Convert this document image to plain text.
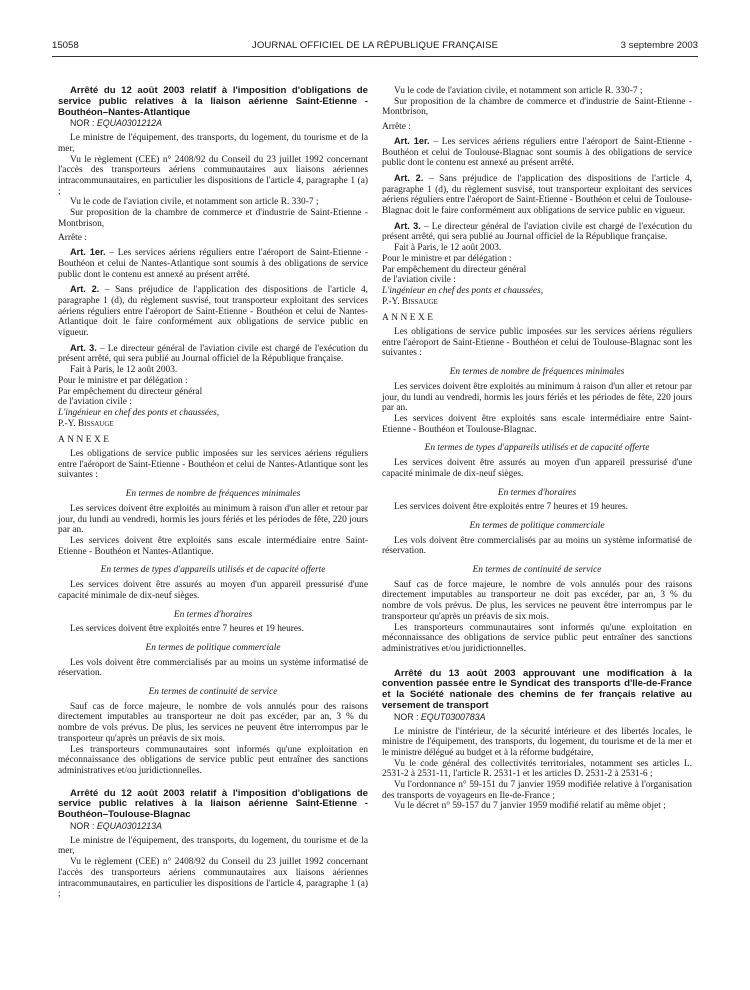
15058	JOURNAL OFFICIEL DE LA RÉPUBLIQUE FRANÇAISE	3 septembre 2003

Arrêté du 12 août 2003 relatif à l'imposition d'obligations de service public relatives à la liaison aérienne Saint-Etienne - Bouthéon–Nantes-Atlantique

NOR : EQUA0301212A

Le ministre de l'équipement, des transports, du logement, du tourisme et de la mer,

Vu le règlement (CEE) n° 2408/92 du Conseil du 23 juillet 1992 concernant l'accès des transporteurs aériens communautaires aux liaisons aériennes intracommunautaires, en particulier les dispositions de l'article 4, paragraphe 1 (a) ;

Vu le code de l'aviation civile, et notamment son article R. 330-7 ;

Sur proposition de la chambre de commerce et d'industrie de Saint-Etienne - Montbrison,

Arrête :

Art. 1er. – Les services aériens réguliers entre l'aéroport de Saint-Etienne - Bouthéon et celui de Nantes-Atlantique sont soumis à des obligations de service public dont le contenu est annexé au présent arrêté.

Art. 2. – Sans préjudice de l'application des dispositions de l'article 4, paragraphe 1 (d), du règlement susvisé, tout transporteur exploitant des services aériens réguliers entre l'aéroport de Saint-Etienne - Bouthéon et celui de Nantes-Atlantique doit le faire conformément aux obligations de service public en vigueur.

Art. 3. – Le directeur général de l'aviation civile est chargé de l'exécution du présent arrêté, qui sera publié au Journal officiel de la République française.

Fait à Paris, le 12 août 2003.

Pour le ministre et par délégation :

Par empêchement du directeur général

de l'aviation civile :

L'ingénieur en chef des ponts et chaussées,

P.-Y. Bissauge

ANNEXE

Les obligations de service public imposées sur les services aériens réguliers entre l'aéroport de Saint-Etienne - Bouthéon et celui de Nantes-Atlantique sont les suivantes :

En termes de nombre de fréquences minimales

Les services doivent être exploités au minimum à raison d'un aller et retour par jour, du lundi au vendredi, hormis les jours fériés et les périodes de fête, 220 jours par an.

Les services doivent être exploités sans escale intermédiaire entre Saint-Etienne - Bouthéon et Nantes-Atlantique.

En termes de types d'appareils utilisés et de capacité offerte

Les services doivent être assurés au moyen d'un appareil pressurisé d'une capacité minimale de dix-neuf sièges.

En termes d'horaires

Les services doivent être exploités entre 7 heures et 19 heures.

En termes de politique commerciale

Les vols doivent être commercialisés par au moins un système informatisé de réservation.

En termes de continuité de service

Sauf cas de force majeure, le nombre de vols annulés pour des raisons directement imputables au transporteur ne doit pas excéder, par an, 3 % du nombre de vols prévus. De plus, les services ne peuvent être interrompus par le transporteur qu'après un préavis de six mois.

Les transporteurs communautaires sont informés qu'une exploitation en méconnaissance des obligations de service public peut entraîner des sanctions administratives et/ou juridictionnelles.

Arrêté du 12 août 2003 relatif à l'imposition d'obligations de service public relatives à la liaison aérienne Saint-Etienne - Bouthéon–Toulouse-Blagnac

NOR : EQUA0301213A

Le ministre de l'équipement, des transports, du logement, du tourisme et de la mer,

Vu le règlement (CEE) n° 2408/92 du Conseil du 23 juillet 1992 concernant l'accès des transporteurs aériens communautaires aux liaisons aériennes intracommunautaires, en particulier les dispositions de l'article 4, paragraphe 1 (a) ;

Vu le code de l'aviation civile, et notamment son article R. 330-7 ;

Sur proposition de la chambre de commerce et d'industrie de Saint-Etienne - Montbrison,

Arrête :

Art. 1er. – Les services aériens réguliers entre l'aéroport de Saint-Etienne - Bouthéon et celui de Toulouse-Blagnac sont soumis à des obligations de service public dont le contenu est annexé au présent arrêté.

Art. 2. – Sans préjudice de l'application des dispositions de l'article 4, paragraphe 1 (d), du règlement susvisé, tout transporteur exploitant des services aériens réguliers entre l'aéroport de Saint-Etienne - Bouthéon et celui de Toulouse-Blagnac doit le faire conformément aux obligations de service public en vigueur.

Art. 3. – Le directeur général de l'aviation civile est chargé de l'exécution du présent arrêté, qui sera publié au Journal officiel de la République française.

Fait à Paris, le 12 août 2003.

Pour le ministre et par délégation :

Par empêchement du directeur général

de l'aviation civile :

L'ingénieur en chef des ponts et chaussées,

P.-Y. Bissauge

ANNEXE

Les obligations de service public imposées sur les services aériens réguliers entre l'aéroport de Saint-Etienne - Bouthéon et celui de Toulouse-Blagnac sont les suivantes :

En termes de nombre de fréquences minimales

Les services doivent être exploités au minimum à raison d'un aller et retour par jour, du lundi au vendredi, hormis les jours fériés et les périodes de fête, 220 jours par an.

Les services doivent être exploités sans escale intermédiaire entre Saint-Etienne - Bouthéon et Toulouse-Blagnac.

En termes de types d'appareils utilisés et de capacité offerte

Les services doivent être assurés au moyen d'un appareil pressurisé d'une capacité minimale de dix-neuf sièges.

En termes d'horaires

Les services doivent être exploités entre 7 heures et 19 heures.

En termes de politique commerciale

Les vols doivent être commercialisés par au moins un système informatisé de réservation.

En termes de continuité de service

Sauf cas de force majeure, le nombre de vols annulés pour des raisons directement imputables au transporteur ne doit pas excéder, par an, 3 % du nombre de vols prévus. De plus, les services ne peuvent être interrompus par le transporteur qu'après un préavis de six mois.

Les transporteurs communautaires sont informés qu'une exploitation en méconnaissance des obligations de service public peut entraîner des sanctions administratives et/ou juridictionnelles.

Arrêté du 13 août 2003 approuvant une modification à la convention passée entre le Syndicat des transports d'Ile-de-France et la Société nationale des chemins de fer français relative au versement de transport

NOR : EQUT0300783A

Le ministre de l'intérieur, de la sécurité intérieure et des libertés locales, le ministre de l'équipement, des transports, du logement, du tourisme et de la mer et le ministre délégué au budget et à la réforme budgétaire,

Vu le code général des collectivités territoriales, notamment ses articles L. 2531-2 à 2531-11, l'article R. 2531-1 et les articles D. 2531-2 à 2531-6 ;

Vu l'ordonnance n° 59-151 du 7 janvier 1959 modifiée relative à l'organisation des transports de voyageurs en Ile-de-France ;

Vu le décret n° 59-157 du 7 janvier 1959 modifié relatif au même objet ;
